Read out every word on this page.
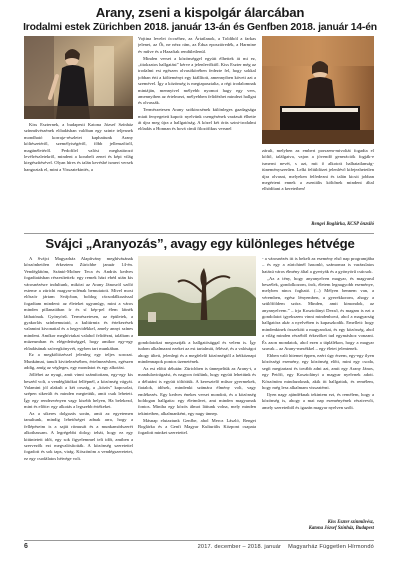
Arany, zseni a kispolgár álarcában
Irodalmi estek Zürichben 2018. január 13-án és Genfben 2018. január 14-én

Kiss Eszternek, a budapesti Katona József Színház színművészének előadásban valóban egy szinte teljesnek mondható korrajz-részletet kaphattunk Arany költészetéről, személyiségéről, főbb jellemzőiről, magánéletéről. Pedofilel valóst meghatározó levélrészletekről, mindent a korabeli zenei és képi világ kiegészítésével. Olyan híres és talán kevésbé ismert versek hangoztak el, mint a Visszatekintés, a

Vojtina levelei öccséhez, az Ártatlanok, a Toldiból a farkas jelenet, az Őt, ne nézz rám, az Édua eposztöredék, a Harmine év műve és a Hazafiak rendületlenül.

Minden verset a közönséggel együtt élhettek át mi ez, „titokzatos hallgatást” kérve a jelenlevőktől. Kiss Eszter még az irodalmi est egészen olvasókörében fedezte fel, hogy sokkal jobban érti a költeményt egy kiállított, amennyiben követi azt a szemével. Így a közönség is megtapasztalta, a régi irodalomnak mintáján, mennyivel mélyebb nyomot hagy egy vers, amennyiben az értelmezi, mélyebben felidézhet mindezt hallgat és olvassák.

Természetesen Arany szókincsének különleges gazdagsága miatt fenyegetett kapott: nyelvünk csengésének varázsát élhette át újra meg újra a hallgatóság. A közel két órás szini-irodalmi előadás a Honnan és hová című filozófikus versnel

zárult, melyben az emberi porszem-mivoltát fogadta el költő, találgatva, vajon a jövendő generációk fogják-e ismerni nevét, s azt, mit ő alkotott halhatatlanság-tüneményszerűen. Lelki feltüldözet jelenlévő kifejezhetetlen újra olvasni, melyeken felfedezni és talán kicsit jobban megérteni ennek a zseniális költőnek mindent által elhódítani a kereteiben!

Rengei Boglárka, KCSP önzsiló
Svájci „Aranyozás”, avagy egy különleges hétvége

A Svájci Magyarház Alapítvány meghívásának köszönhetően érkeztem Zürichbe január 14-én. Vendéglátóm, Szántó-Molner Teca és András kedves fogadtatásban részesítettek: egy remek házi ebéd után kis városnézésre indultunk, miközt az Arany Jánosról szóló esteme a zürichi magyar-rolénak bemutatott. Mivel most először jártam Svájcban, boldog rácsodálkozással fogadtam mindent: az életeket ugyanúgy, mint a város minden pillanatában ír és sí kép-pel élem látnék láthatónak. Gyönyörű. Természetesen, az épületek, a gyakorlás színbemutató, a kultúrmix és értekezések valamint kivonattal és a hegyvidékkel, amely annyi színes mindent. Amíkor meghívtakat valahol felidézni, találtam a múzeumban és elégedettséggel, hogy amikor egy-egy előadásának szövegkönyvét, egyben tart munkában.

Ez a megköltözéssel jelenleg egy teljes sorozat. Munkámat, tanult kivitelezésében, értelmezésben, egészen addig, amíg az végleges, egy mondatot és egy alkotást.

Jólléhet az nyugi, amit vinni számítottam, egy-egy kis beszéd volt, a vendéglátókat fellépnél, a közönség vágyát. Valamint jól alakult a két ország, a „közös” kapcsolat, szépen sikerült és minden megtettük, amit csak lehetett. Így egy rendezvényen vagy kisebb helyen, Ha belekezd, mint és előtte: egy alkotás a legszebb értékeket.

Az a sikeres dolgozás során, amit az egyetemen tanultunk, mindig lehetőséget adnak arra, hogy a fellépéseim is a saját ritmusát és a munkamódszerét alkothassam. A legrégebbi dolog: tehát, hogy ez egy kitüntetett időt, egy sok figyelemmel teli időt, amiben a szervezők ezt megvalósították. A közönség szeretettel fogadott és sok taps, virág. Köszönöm a vendégszeretetet, ez egy csodálatos hétvége volt.

gondolatokat megosztják a hallgatósággal és velem is. Így tudom alkalmazni ezeket az est tartalmát, féléssé, és a valóságot ahogy ülteti, jelenlegi és a megfelelő közönségtől a hétköznapi mindennapok pontos üzenetének.

Az est előtti délután: Zürichben is ünnepeltük az Arany-t, a mandulavirágzást, és nagyon örülünk, hogy együtt lehettünk és a délutánt is együtt töltöttük. A keresztelő műsor gyermekek, fiatalok, idősek, mindenki számára élmény volt, vagy emlékezés. Egy kedves énekes verset mondott, és a közönség boldogan hallgatta: egy életművet, ami minden magyarnak fontos. Mintha egy közös álmot láttunk volna, mely minden tekintetben, alkalmanként, egy nagy ünnep.

Másnap elutaztunk Genfbe, ahol Mercz László, Rengei Boglárka és a Genfi Magyar Kulturális Központ csapata fogadott minket szeretettel.

- a városnézés itt is bekelt az esemény első nap programjába – és egy a zürichinél hasonló, számomra is varázslatos hatású város élmény által a gyertyák és a gyönyörű csúcsok.

„Az a tény, hogy anyanyelven magyar, és magyarul beszélek, gondolkozom, írok, életem legnagyobb eseménye, melyben nincs fogható. (...) Mélyen bennem van, a véremben, egész lényemben, a gyerekkorom, ahogy a szülőföldem szóra. Minden, amit kimondok, az anyanyelvem.” – írja Kosztolányi Dezső, és magam is ezt a gondolatot igyekszem vinni mindenhová, ahol a magyarság hallgatóra akár a nyelvében is kapaszkodik. Emellett: hogy mindenkinek összeköti a magyarokat, és egy közösség, ahol a világ minden részéből érkezőket tud egymáshoz vonzani. És azon mondatok, ahol ezen a táplálékon, hogy a magyar szavak – az Arany-mesékkel – egy életet jelentenek.

Ebben való hitemet éppen, ezért úgy érzem, egy-egy ilyen közösségi esemény, egy közönség előtt, mint egy csoda, segít megtartani és tovább adni azt, amit egy Arany János, egy Petőfi, egy Kosztolányi a magyar nyelvnek adott. Köszönöm mindazoknak, akik itt hallgattak, és remélem, hogy még lesz alkalmam visszatérni.

Ilyen nagy ajándéknak tekintem ezt, és remélem, hogy a közönség is, ahogy a mai nap eseményének résztvevői, amely szeretetből és igazán magyar nyelven szólt.

Kiss Eszter színművész,
Katona József Színház, Budapest
6	2017. december – 2018. január Magyarház Független Hírmondó
